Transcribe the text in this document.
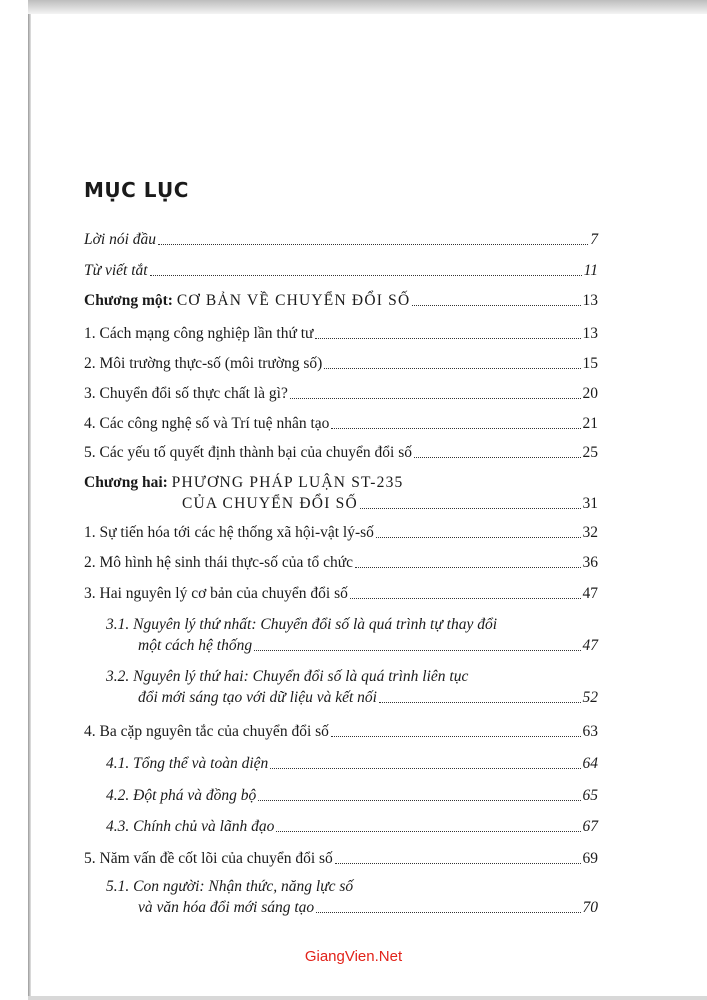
MỤC LỤC
Lời nói đầu	7
Từ viết tắt	11
Chương một: CƠ BẢN VỀ CHUYỂN ĐỔI SỐ	13
1. Cách mạng công nghiệp lần thứ tư	13
2. Môi trường thực-số (môi trường số)	15
3. Chuyển đổi số thực chất là gì?	20
4. Các công nghệ số và Trí tuệ nhân tạo	21
5. Các yếu tố quyết định thành bại của chuyển đổi số	25
Chương hai: PHƯƠNG PHÁP LUẬN ST-235
CỦA CHUYỂN ĐỔI SỐ	31
1. Sự tiến hóa tới các hệ thống xã hội-vật lý-số	32
2. Mô hình hệ sinh thái thực-số của tổ chức	36
3. Hai nguyên lý cơ bản của chuyển đổi số	47
3.1. Nguyên lý thứ nhất: Chuyển đổi số là quá trình tự thay đổi
một cách hệ thống	47
3.2. Nguyên lý thứ hai: Chuyển đổi số là quá trình liên tục
đổi mới sáng tạo với dữ liệu và kết nối	52
4. Ba cặp nguyên tắc của chuyển đổi số	63
4.1. Tổng thể và toàn diện	64
4.2. Đột phá và đồng bộ	65
4.3. Chính chủ và lãnh đạo	67
5. Năm vấn đề cốt lõi của chuyển đổi số	69
5.1. Con người: Nhận thức, năng lực số
và văn hóa đổi mới sáng tạo	70
GiangVien.Net
